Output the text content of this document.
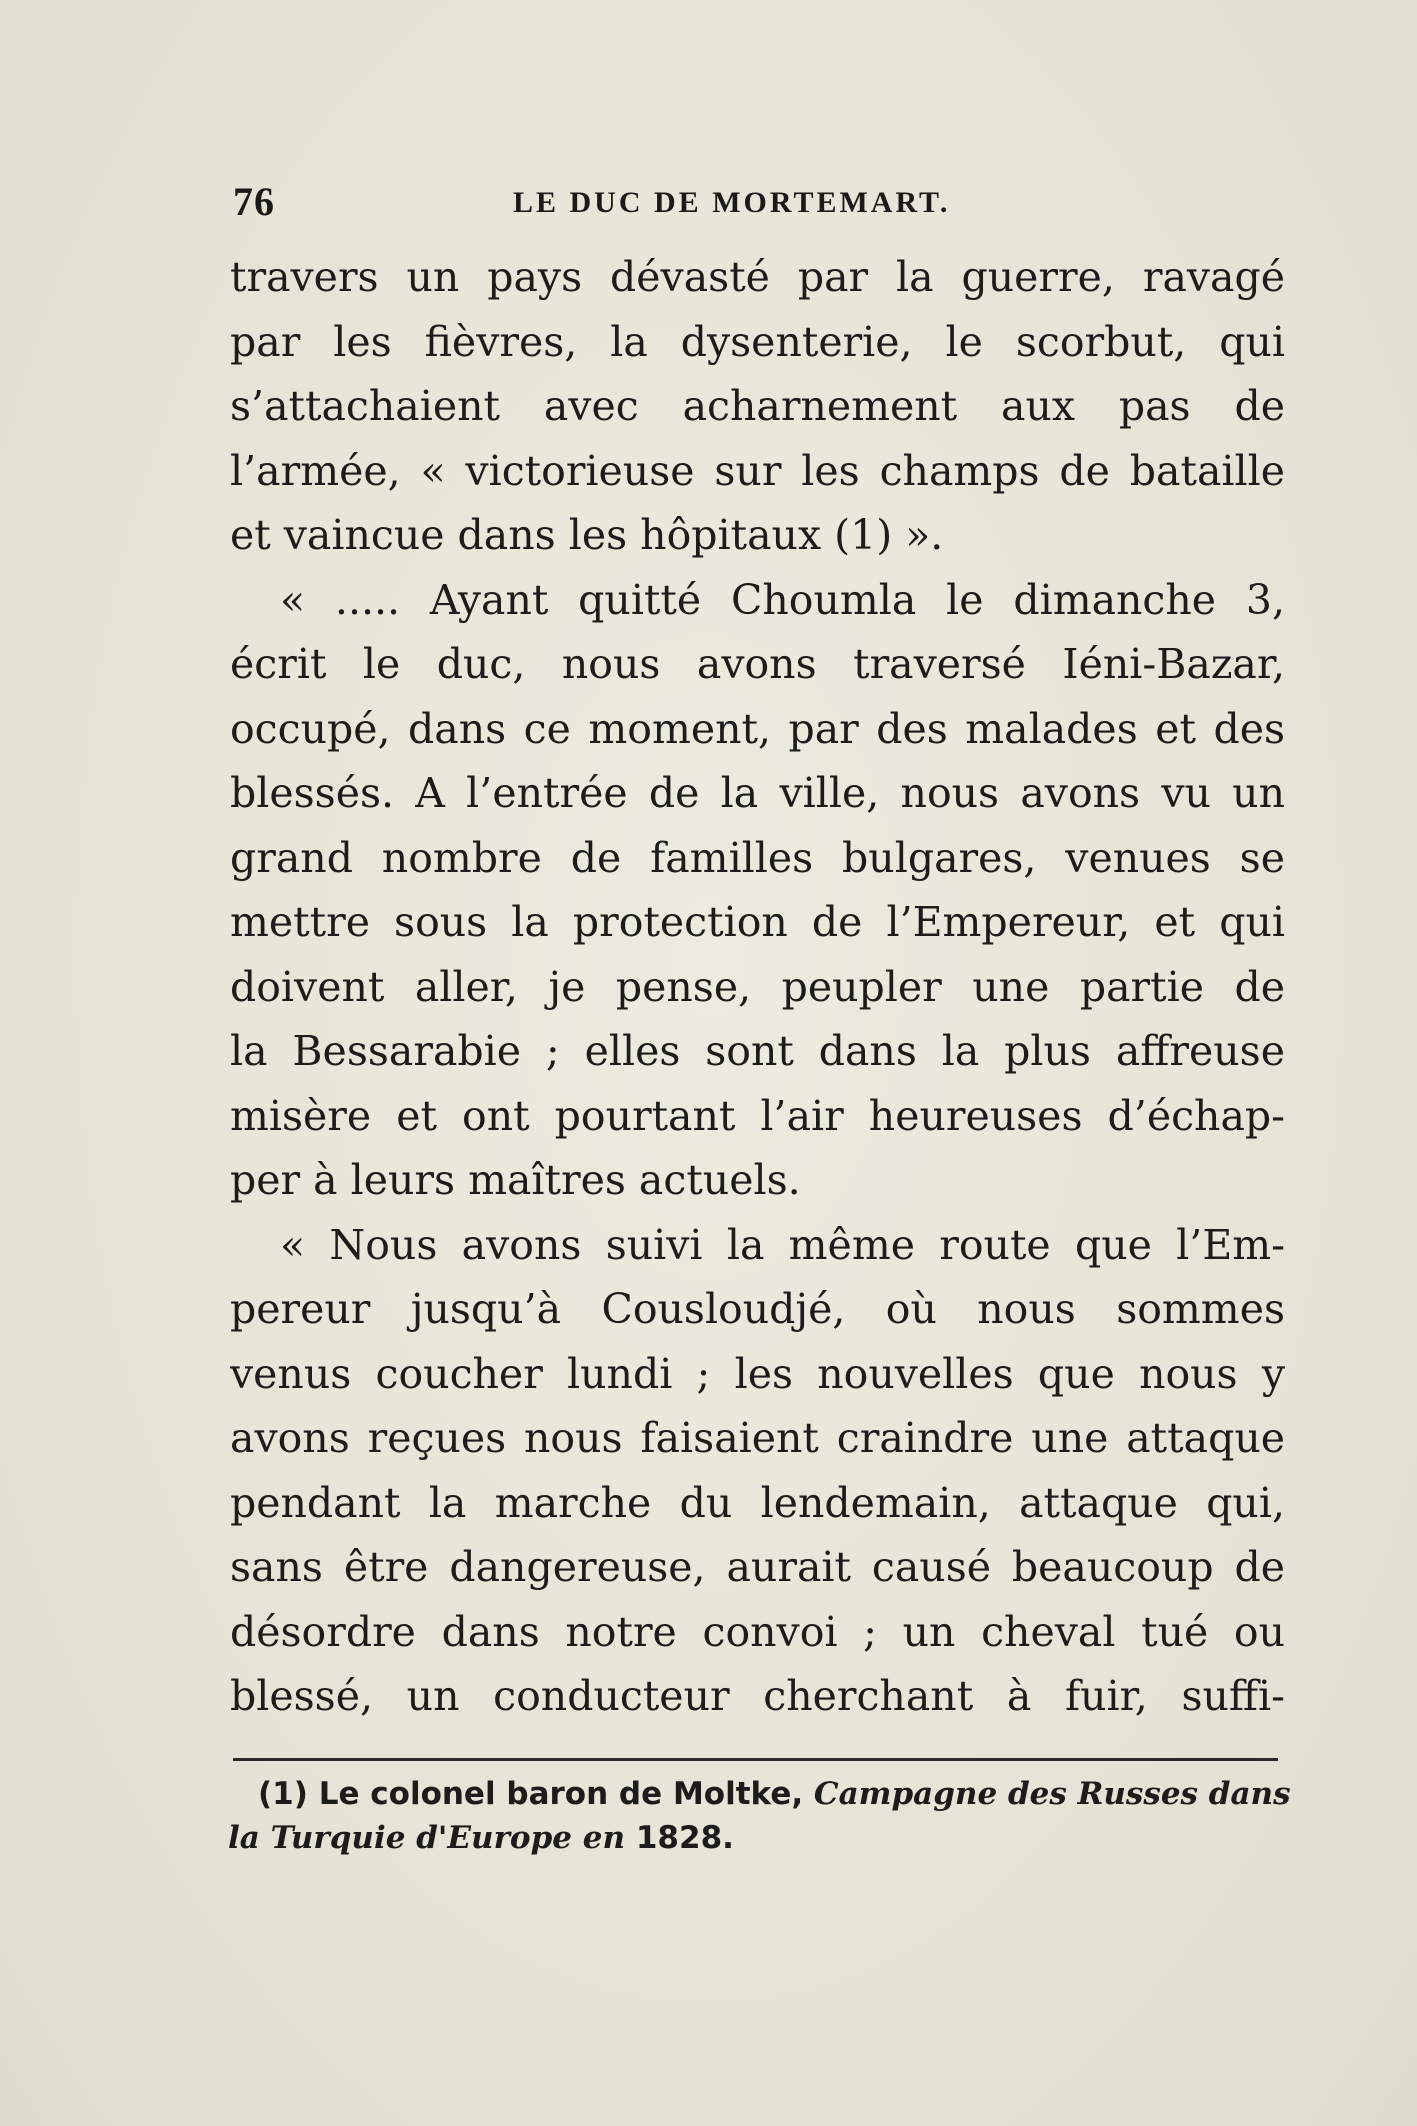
76	LE DUC DE MORTEMART.
travers un pays dévasté par la guerre, ravagé
par les fièvres, la dysenterie, le scorbut, qui
s’attachaient avec acharnement aux pas de
l’armée, « victorieuse sur les champs de bataille
et vaincue dans les hôpitaux (1) ».
« ..... Ayant quitté Choumla le dimanche 3,
écrit le duc, nous avons traversé Iéni-Bazar,
occupé, dans ce moment, par des malades et des
blessés. A l’entrée de la ville, nous avons vu un
grand nombre de familles bulgares, venues se
mettre sous la protection de l’Empereur, et qui
doivent aller, je pense, peupler une partie de
la Bessarabie ; elles sont dans la plus affreuse
misère et ont pourtant l’air heureuses d’échap-
per à leurs maîtres actuels.
« Nous avons suivi la même route que l’Em-
pereur jusqu’à Cousloudjé, où nous sommes
venus coucher lundi ; les nouvelles que nous y
avons reçues nous faisaient craindre une attaque
pendant la marche du lendemain, attaque qui,
sans être dangereuse, aurait causé beaucoup de
désordre dans notre convoi ; un cheval tué ou
blessé, un conducteur cherchant à fuir, suffi-
(1) Le colonel baron de Moltke, Campagne des Russes dans
la Turquie d'Europe en 1828.
